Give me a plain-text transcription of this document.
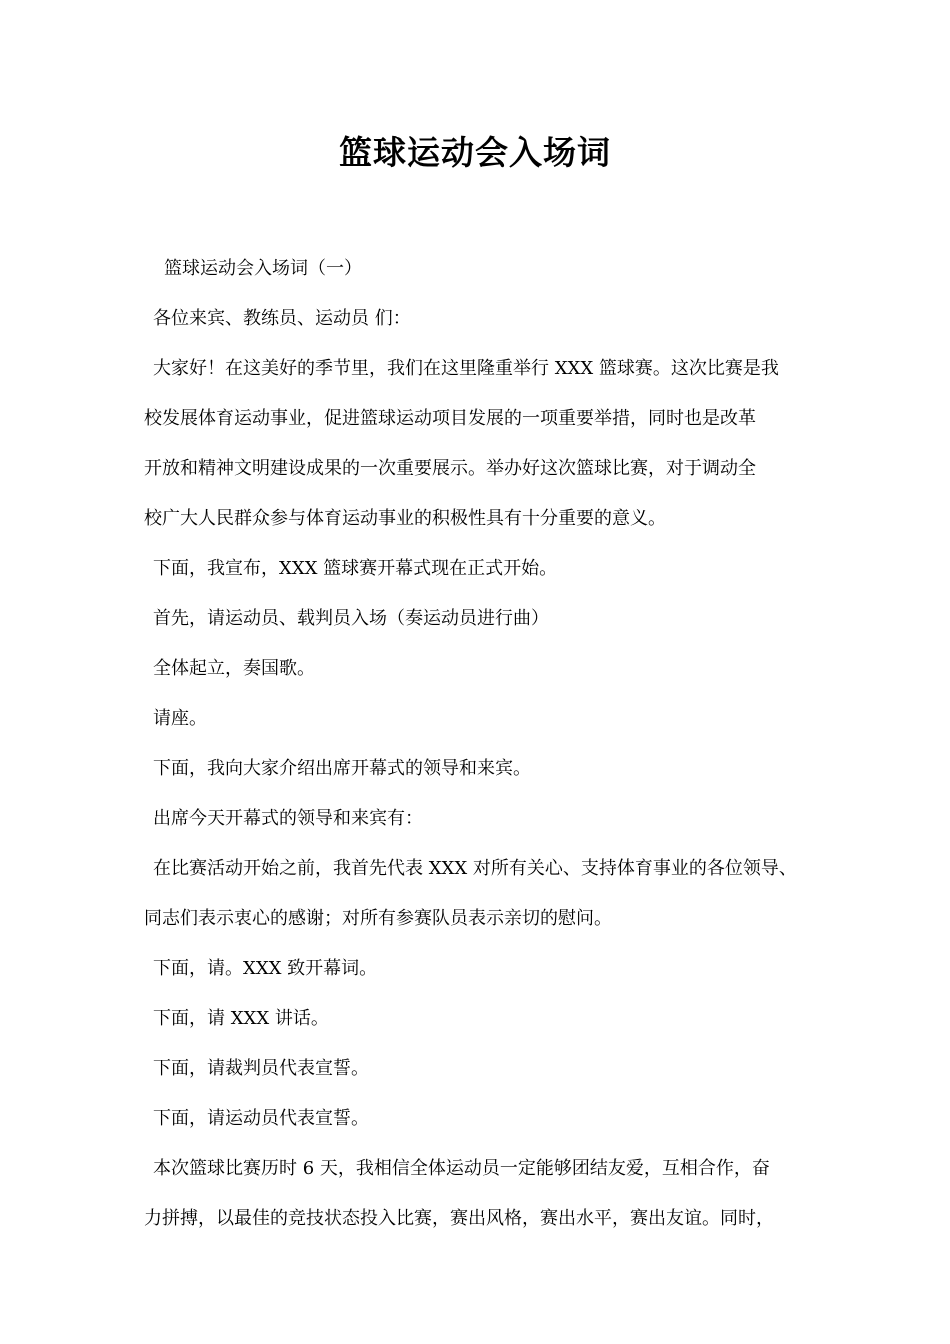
篮球运动会入场词

篮球运动会入场词（一）

各位来宾、教练员、运动员 们：

大家好！在这美好的季节里，我们在这里隆重举行 XXX 篮球赛。这次比赛是我

校发展体育运动事业，促进篮球运动项目发展的一项重要举措，同时也是改革

开放和精神文明建设成果的一次重要展示。举办好这次篮球比赛，对于调动全

校广大人民群众参与体育运动事业的积极性具有十分重要的意义。

下面，我宣布，XXX 篮球赛开幕式现在正式开始。

首先，请运动员、载判员入场（奏运动员进行曲）

全体起立，奏国歌。

请座。

下面，我向大家介绍出席开幕式的领导和来宾。

出席今天开幕式的领导和来宾有：

在比赛活动开始之前，我首先代表 XXX 对所有关心、支持体育事业的各位领导、

同志们表示衷心的感谢；对所有参赛队员表示亲切的慰问。

下面，请。XXX 致开幕词。

下面，请 XXX 讲话。

下面，请裁判员代表宣誓。

下面，请运动员代表宣誓。

本次篮球比赛历时 6 天，我相信全体运动员一定能够团结友爱，互相合作，奋

力拼搏，以最佳的竞技状态投入比赛，赛出风格，赛出水平，赛出友谊。同时，
